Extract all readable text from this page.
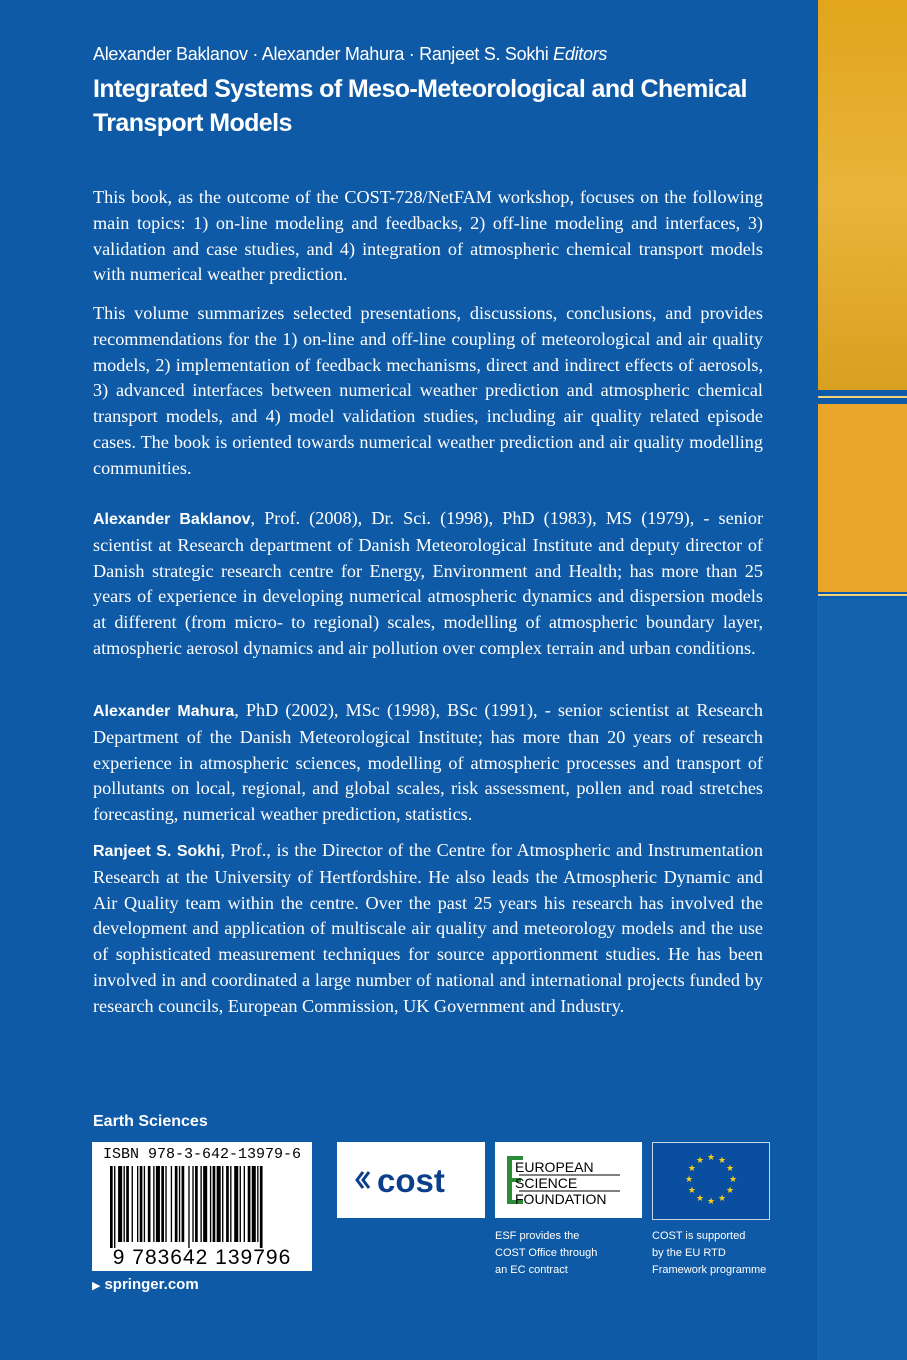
Alexander Baklanov · Alexander Mahura · Ranjeet S. Sokhi Editors
Integrated Systems of Meso-Meteorological and Chemical Transport Models

This book, as the outcome of the COST-728/NetFAM workshop, focuses on the following main topics: 1) on-line modeling and feedbacks, 2) off-line modeling and interfaces, 3) validation and case studies, and 4) integration of atmospheric chemical transport models with numerical weather prediction.

This volume summarizes selected presentations, discussions, conclusions, and provides recommendations for the 1) on-line and off-line coupling of meteorological and air quality models, 2) implementation of feedback mechanisms, direct and indirect effects of aerosols, 3) advanced interfaces between numerical weather prediction and atmospheric chemical transport models, and 4) model validation studies, including air quality related episode cases. The book is oriented towards numerical weather prediction and air quality modelling communities.

Alexander Baklanov, Prof. (2008), Dr. Sci. (1998), PhD (1983), MS (1979), - senior scientist at Research department of Danish Meteorological Institute and deputy director of Danish strategic research centre for Energy, Environment and Health; has more than 25 years of experience in developing numerical atmospheric dynamics and dispersion models at different (from micro- to regional) scales, modelling of atmospheric boundary layer, atmospheric aerosol dynamics and air pollution over complex terrain and urban conditions.

Alexander Mahura, PhD (2002), MSc (1998), BSc (1991), - senior scientist at Research Department of the Danish Meteorological Institute; has more than 20 years of research experience in atmospheric sciences, modelling of atmospheric processes and transport of pollutants on local, regional, and global scales, risk assessment, pollen and road stretches forecasting, numerical weather prediction, statistics.

Ranjeet S. Sokhi, Prof., is the Director of the Centre for Atmospheric and Instrumentation Research at the University of Hertfordshire. He also leads the Atmospheric Dynamic and Air Quality team within the centre. Over the past 25 years his research has involved the development and application of multiscale air quality and meteorology models and the use of sophisticated measurement techniques for source apportionment studies. He has been involved in and coordinated a large number of national and international projects funded by research councils, European Commission, UK Government and Industry.

Earth Sciences
ISBN 978-3-642-13979-6
9 783642 139796
▶ springer.com
cost	EUROPEAN
SCIENCE
FOUNDATION
★ ★
★
★
★
★
★
★
★
★
★
★
ESF provides the
COST Office through
an EC contract
COST is supported
by the EU RTD
Framework programme
